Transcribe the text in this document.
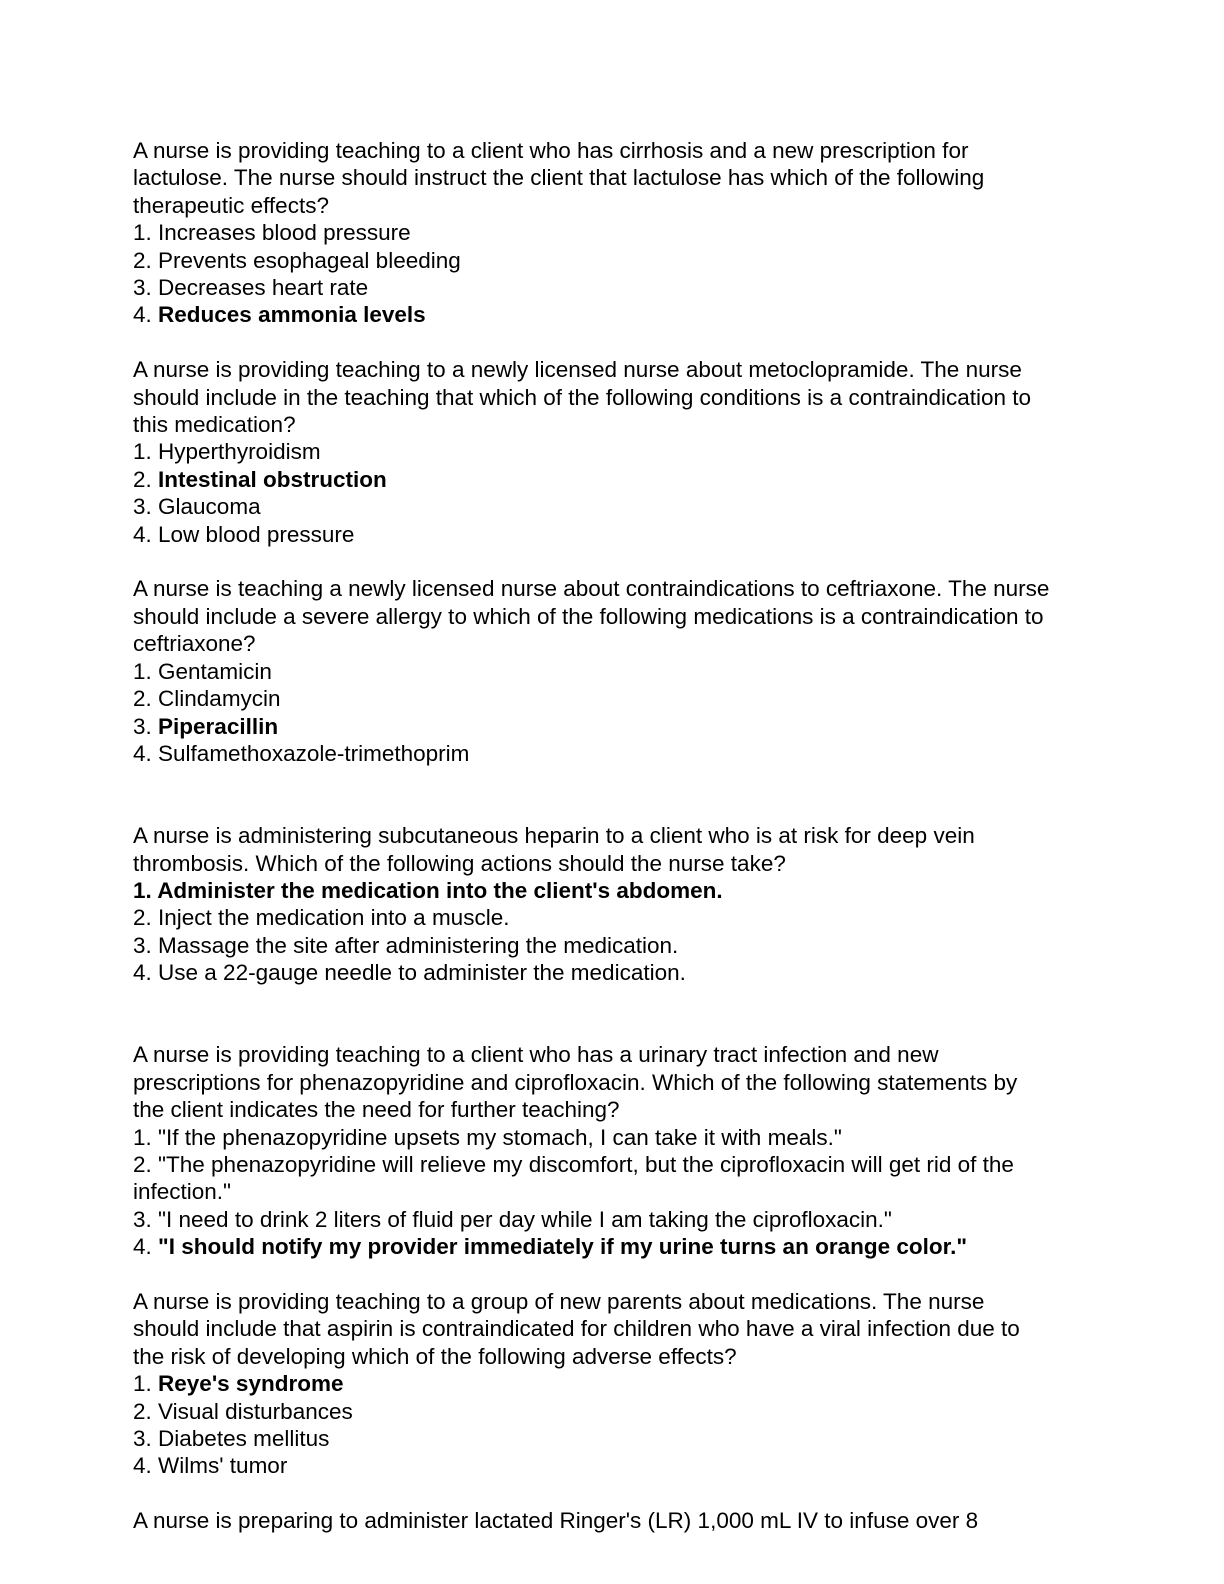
A nurse is providing teaching to a client who has cirrhosis and a new prescription for lactulose. The nurse should instruct the client that lactulose has which of the following therapeutic effects?

1. Increases blood pressure
2. Prevents esophageal bleeding
3. Decreases heart rate
4. Reduces ammonia levels

A nurse is providing teaching to a newly licensed nurse about metoclopramide. The nurse should include in the teaching that which of the following conditions is a contraindication to this medication?

1. Hyperthyroidism
2. Intestinal obstruction
3. Glaucoma
4. Low blood pressure

A nurse is teaching a newly licensed nurse about contraindications to ceftriaxone. The nurse should include a severe allergy to which of the following medications is a contraindication to ceftriaxone?

1. Gentamicin
2. Clindamycin
3. Piperacillin
4. Sulfamethoxazole-trimethoprim

A nurse is administering subcutaneous heparin to a client who is at risk for deep vein thrombosis. Which of the following actions should the nurse take?

1. Administer the medication into the client's abdomen.
2. Inject the medication into a muscle.
3. Massage the site after administering the medication.
4. Use a 22-gauge needle to administer the medication.

A nurse is providing teaching to a client who has a urinary tract infection and new prescriptions for phenazopyridine and ciprofloxacin. Which of the following statements by the client indicates the need for further teaching?

1. "If the phenazopyridine upsets my stomach, I can take it with meals."
2. "The phenazopyridine will relieve my discomfort, but the ciprofloxacin will get rid of the infection."
3. "I need to drink 2 liters of fluid per day while I am taking the ciprofloxacin."
4. "I should notify my provider immediately if my urine turns an orange color."

A nurse is providing teaching to a group of new parents about medications. The nurse should include that aspirin is contraindicated for children who have a viral infection due to the risk of developing which of the following adverse effects?

1. Reye's syndrome
2. Visual disturbances
3. Diabetes mellitus
4. Wilms' tumor

A nurse is preparing to administer lactated Ringer's (LR) 1,000 mL IV to infuse over 8
